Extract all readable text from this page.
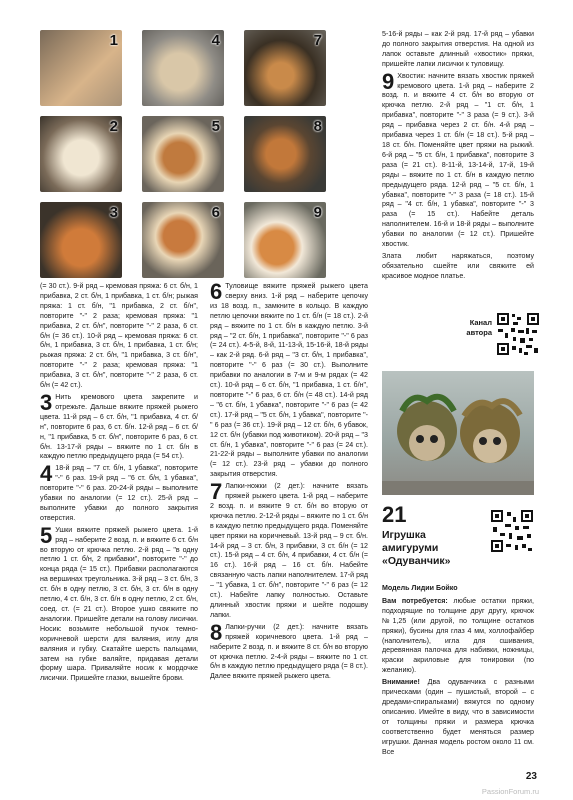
1	4	7
2	5	8
3	6	9

(= 30 ст.). 9-й ряд – кремовая пряжа: 6 ст. б/н, 1 прибавка, 2 ст. б/н, 1 прибавка, 1 ст. б/н; рыжая пряжа: 1 ст. б/н, "1 прибавка, 2 ст. б/н", повторите "-" 2 раза; кремовая пряжа: "1 прибавка, 2 ст. б/н", повторите "-" 2 раза, 6 ст. б/н (= 36 ст.). 10-й ряд – кремовая пряжа: 6 ст. б/н, 1 прибавка, 3 ст. б/н, 1 прибавка, 1 ст. б/н; рыжая пряжа: 2 ст. б/н, "1 прибавка, 3 ст. б/н", повторите "-" 2 раза; кремовая пряжа: "1 прибавка, 3 ст. б/н", повторите "-" 2 раза, 6 ст. б/н (= 42 ст.).

3 Нить кремового цвета закрепите и отрежьте. Дальше вяжите пряжей рыжего цвета. 11-й ряд – 6 ст. б/н, "1 прибавка, 4 ст. б/н", повторите 6 раз, 6 ст. б/н. 12-й ряд – 6 ст. б/н, "1 прибавка, 5 ст. б/н", повторите 6 раз, 6 ст. б/н. 13-17-й ряды – вяжите по 1 ст. б/н в каждую петлю предыдущего ряда (= 54 ст.).

4 18-й ряд – "7 ст. б/н, 1 убавка", повторите "-" 6 раз. 19-й ряд – "6 ст. б/н, 1 убавка", повторите "-" 6 раз. 20-24-й ряды – выполните убавки по аналогии (= 12 ст.). 25-й ряд – выполните убавки до полного закрытия отверстия.

5 Ушки вяжите пряжей рыжего цвета. 1-й ряд – наберите 2 возд. п. и вяжите 6 ст. б/н во вторую от крючка петлю. 2-й ряд – "в одну петлю 1 ст. б/н, 2 прибавки", повторите "-" до конца ряда (= 15 ст.). Прибавки располагаются на вершинах треугольника. 3-й ряд – 3 ст. б/н, 3 ст. б/н в одну петлю, 3 ст. б/н, 3 ст. б/н в одну петлю, 4 ст. б/н, 3 ст. б/н в одну петлю, 2 ст. б/н, соед. ст. (= 21 ст.). Второе ушко свяжите по аналогии. Пришейте детали на голову лисички. Носик: возьмите небольшой пучок темно-коричневой шерсти для валяния, иглу для валяния и губку. Скатайте шерсть пальцами, затем на губке валяйте, придавая детали форму шара. Приваляйте носик к мордочке лисички. Пришейте глазки, вышейте брови.

6 Туловище вяжите пряжей рыжего цвета сверху вниз. 1-й ряд – наберите цепочку из 18 возд. п., замкните в кольцо. В каждую петлю цепочки вяжите по 1 ст. б/н (= 18 ст.). 2-й ряд – вяжите по 1 ст. б/н в каждую петлю. 3-й ряд – "2 ст. б/н, 1 прибавка", повторите "-" 6 раз (= 24 ст.). 4-5-й, 8-й, 11-13-й, 15-16-й, 18-й ряды – как 2-й ряд. 6-й ряд – "3 ст. б/н, 1 прибавка", повторите "-" 6 раз (= 30 ст.). Выполните прибавки по аналогии в 7-м и 9-м рядах (= 42 ст.). 10-й ряд – 6 ст. б/н, "1 прибавка, 1 ст. б/н", повторите "-" 6 раз, 6 ст. б/н (= 48 ст.). 14-й ряд – "6 ст. б/н, 1 убавка", повторите "-" 6 раз (= 42 ст.). 17-й ряд – "5 ст. б/н, 1 убавка", повторите "-" 6 раз (= 36 ст.). 19-й ряд – 12 ст. б/н, 6 убавок, 12 ст. б/н (убавки под животиком). 20-й ряд – "3 ст. б/н, 1 убавка", повторите "-" 6 раз (= 24 ст.). 21-22-й ряды – выполните убавки по аналогии (= 12 ст.). 23-й ряд – убавки до полного закрытия отверстия.

7 Лапки-ножки (2 дет.): начните вязать пряжей рыжего цвета. 1-й ряд – наберите 2 возд. п. и вяжите 9 ст. б/н во вторую от крючка петлю. 2-12-й ряды – вяжите по 1 ст. б/н в каждую петлю предыдущего ряда. Поменяйте цвет пряжи на коричневый. 13-й ряд – 9 ст. б/н. 14-й ряд – 3 ст. б/н, 3 прибавки, 3 ст. б/н (= 12 ст.). 15-й ряд – 4 ст. б/н, 4 прибавки, 4 ст. б/н (= 16 ст.). 16-й ряд – 16 ст. б/н. Набейте связанную часть лапки наполнителем. 17-й ряд – "1 убавка, 1 ст. б/н", повторите "-" 6 раз (= 12 ст.). Набейте лапку полностью. Оставьте длинный хвостик пряжи и шейте подошву лапки.

8 Лапки-ручки (2 дет.): начните вязать пряжей коричневого цвета. 1-й ряд – наберите 2 возд. п. и вяжите 8 ст. б/н во вторую от крючка петлю. 2-4-й ряды – вяжите по 1 ст. б/н в каждую петлю предыдущего ряда (= 8 ст.). Далее вяжите пряжей рыжего цвета.

5-16-й ряды – как 2-й ряд. 17-й ряд – убавки до полного закрытия отверстия. На одной из лапок оставьте длинный «хвостик» пряжи, пришейте лапки лисички к туловищу.

9 Хвостик: начните вязать хвостик пряжей кремового цвета. 1-й ряд – наберите 2 возд. п. и вяжите 4 ст. б/н во вторую от крючка петлю. 2-й ряд – "1 ст. б/н, 1 прибавка", повторите "-" 3 раза (= 9 ст.). 3-й ряд – прибавка через 2 ст. б/н. 4-й ряд – прибавка через 1 ст. б/н (= 18 ст.). 5-й ряд – 18 ст. б/н. Поменяйте цвет пряжи на рыжий. 6-й ряд – "5 ст. б/н, 1 прибавка", повторите 3 раза (= 21 ст.). 8-11-й, 13-14-й, 17-й, 19-й ряды – вяжите по 1 ст. б/н в каждую петлю предыдущего ряда. 12-й ряд – "5 ст. б/н, 1 убавка", повторите "-" 3 раза (= 18 ст.). 15-й ряд – "4 ст. б/н, 1 убавка", повторите "-" 3 раза (= 15 ст.). Набейте деталь наполнителем. 16-й и 18-й ряды – выполните убавки по аналогии (= 12 ст.). Пришейте хвостик.

Злата любит наряжаться, поэтому обязательно сшейте или свяжите ей красивое модное платье.

Канал автора
21
Игрушка амигуруми «Одуванчик»

Модель Лидии Бойко

Вам потребуется: любые остатки пряжи, подходящие по толщине друг другу, крючок №1,25 (или другой, по толщине остатков пряжи), бусины для глаз 4 мм, холлофайбер (наполнитель), игла для сшивания, деревянная палочка для набивки, ножницы, краски акриловые для тонировки (по желанию).

Внимание! Два одуванчика с разными прическами (один – пушистый, второй – с дредами-спиральками) вяжутся по одному описанию. Имейте в виду, что в зависимости от толщины пряжи и размера крючка соответственно будет меняться размер игрушки. Данная модель ростом около 11 см. Все

23
PassionForum.ru
